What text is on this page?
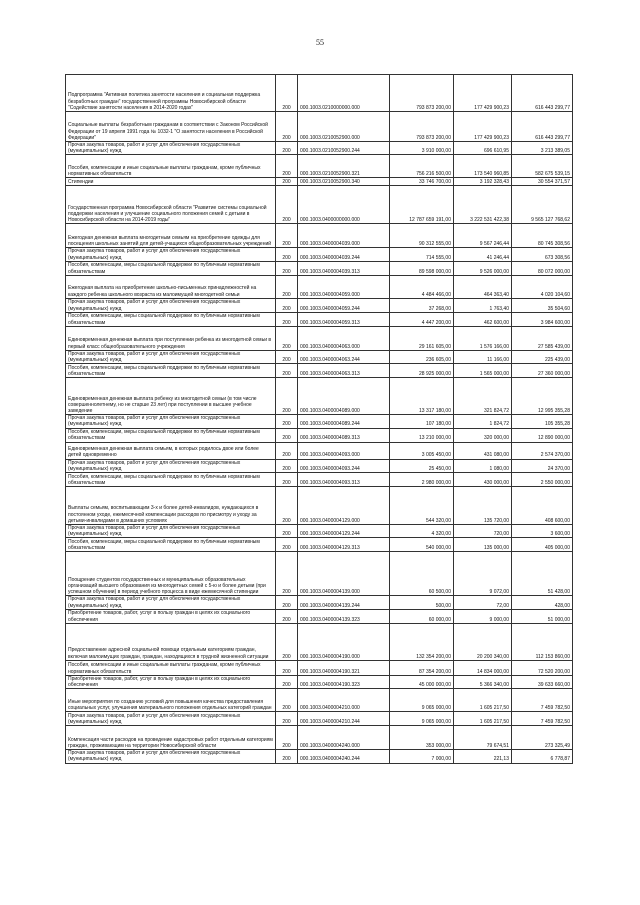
55
Подпрограмма "Активная политика занятости населения и социальная поддержка безработных граждан" государственной программы Новосибирской области "Содействие занятости населения в 2014-2020 годах"	200	000.1003.0210000000.000	793 873 200,00	177 429 900,23	616 443 299,77
Социальные выплаты безработным гражданам в соответствии с Законом Российской Федерации от 19 апреля 1991 года № 1032-1 "О занятости населения в Российской Федерации"	200	000.1003.0210052900.000	793 873 200,00	177 429 900,23	616 443 299,77
Прочая закупка товаров, работ и услуг для обеспечения государственных (муниципальных) нужд	200	000.1003.0210052900.244	3 910 000,00	696 610,95	3 213 389,05
Пособия, компенсации и иные социальные выплаты гражданам, кроме публичных нормативных обязательств	200	000.1003.0210052900.321	756 216 500,00	173 540 960,85	582 675 539,15
Стипендии	200	000.1003.0210052900.340	33 746 700,00	3 192 328,43	30 554 371,57
Государственная программа Новосибирской области "Развитие системы социальной поддержки населения и улучшение социального положения семей с детьми в Новосибирской области на 2014-2019 годы"	200	000.1003.0400000000.000	12 787 659 191,00	3 222 531 422,38	9 565 127 768,62
Ежегодная денежная выплата многодетным семьям на приобретение одежды для посещения школьных занятий для детей-учащихся общеобразовательных учреждений	200	000.1003.0400004039.000	90 312 555,00	9 567 246,44	80 745 308,56
Прочая закупка товаров, работ и услуг для обеспечения государственных (муниципальных) нужд	200	000.1003.0400004039.244	714 555,00	41 246,44	673 308,56
Пособия, компенсации, меры социальной поддержки по публичным нормативным обязательствам	200	000.1003.0400004039.313	89 598 000,00	9 526 000,00	80 072 000,00
Ежегодная выплата на приобретение школьно-письменных принадлежностей на каждого ребенка школьного возраста из малоимущей многодетной семьи	200	000.1003.0400004059.000	4 484 466,00	464 363,40	4 020 104,60
Прочая закупка товаров, работ и услуг для обеспечения государственных (муниципальных) нужд	200	000.1003.0400004059.244	37 268,00	1 763,40	35 504,60
Пособия, компенсации, меры социальной поддержки по публичным нормативным обязательствам	200	000.1003.0400004059.313	4 447 200,00	462 600,00	3 984 600,00
Единовременная денежная выплата при поступлении ребенка из многодетной семьи в первый класс общеобразовательного учреждения	200	000.1003.0400004063.000	29 161 605,00	1 576 166,00	27 585 439,00
Прочая закупка товаров, работ и услуг для обеспечения государственных (муниципальных) нужд	200	000.1003.0400004063.244	236 605,00	11 166,00	225 439,00
Пособия, компенсации, меры социальной поддержки по публичным нормативным обязательствам	200	000.1003.0400004063.313	28 925 000,00	1 565 000,00	27 360 000,00
Единовременная денежная выплата ребенку из многодетной семьи (в том числе совершеннолетнему, но не старше 23 лет) при поступлении в высшее учебное заведение	200	000.1003.0400004089.000	13 317 180,00	321 824,72	12 995 355,28
Прочая закупка товаров, работ и услуг для обеспечения государственных (муниципальных) нужд	200	000.1003.0400004089.244	107 180,00	1 824,72	105 355,28
Пособия, компенсации, меры социальной поддержки по публичным нормативным обязательствам	200	000.1003.0400004089.313	13 210 000,00	320 000,00	12 890 000,00
Единовременная денежная выплата семьям, в которых родилось двое или более детей одновременно	200	000.1003.0400004093.000	3 005 450,00	431 080,00	2 574 370,00
Прочая закупка товаров, работ и услуг для обеспечения государственных (муниципальных) нужд	200	000.1003.0400004093.244	25 450,00	1 080,00	24 370,00
Пособия, компенсации, меры социальной поддержки по публичным нормативным обязательствам	200	000.1003.0400004093.313	2 980 000,00	430 000,00	2 550 000,00
Выплаты семьям, воспитывающим 3-х и более детей-инвалидов, нуждающихся в постоянном уходе, ежемесячной компенсации расходов по присмотру и уходу за детьми-инвалидами в домашних условиях	200	000.1003.0400004129.000	544 320,00	135 720,00	408 600,00
Прочая закупка товаров, работ и услуг для обеспечения государственных (муниципальных) нужд	200	000.1003.0400004129.244	4 320,00	720,00	3 600,00
Пособия, компенсации, меры социальной поддержки по публичным нормативным обязательствам	200	000.1003.0400004129.313	540 000,00	135 000,00	405 000,00
Поощрение студентов государственных и муниципальных образовательных организаций высшего образования из многодетных семей с 5-ю и более детьми (при успешном обучении) в период учебного процесса в виде ежемесячной стипендии	200	000.1003.0400004139.000	60 500,00	9 072,00	51 428,00
Прочая закупка товаров, работ и услуг для обеспечения государственных (муниципальных) нужд	200	000.1003.0400004139.244	500,00	72,00	428,00
Приобретение товаров, работ, услуг в пользу граждан в целях их социального обеспечения	200	000.1003.0400004139.323	60 000,00	9 000,00	51 000,00
Предоставление адресной социальной помощи отдельным категориям граждан, включая малоимущих граждан, граждан, находящихся в трудной жизненной ситуации	200	000.1003.0400004190.000	132 354 200,00	20 200 340,00	112 153 860,00
Пособия, компенсации и иные социальные выплаты гражданам, кроме публичных нормативных обязательств	200	000.1003.0400004190.321	87 354 200,00	14 834 000,00	72 520 200,00
Приобретение товаров, работ, услуг в пользу граждан в целях их социального обеспечения	200	000.1003.0400004190.323	45 000 000,00	5 366 340,00	39 633 660,00
Иные мероприятия по созданию условий для повышения качества предоставления социальных услуг, улучшения материального положения отдельных категорий граждан	200	000.1003.0400004210.000	9 065 000,00	1 605 217,50	7 459 782,50
Прочая закупка товаров, работ и услуг для обеспечения государственных (муниципальных) нужд	200	000.1003.0400004210.244	9 065 000,00	1 605 217,50	7 459 782,50
Компенсация части расходов на проведение кадастровых работ отдельным категориям граждан, проживающим на территории Новосибирской области	200	000.1003.0400004240.000	353 000,00	79 674,51	273 325,49
Прочая закупка товаров, работ и услуг для обеспечения государственных (муниципальных) нужд	200	000.1003.0400004240.244	7 000,00	221,13	6 778,87
